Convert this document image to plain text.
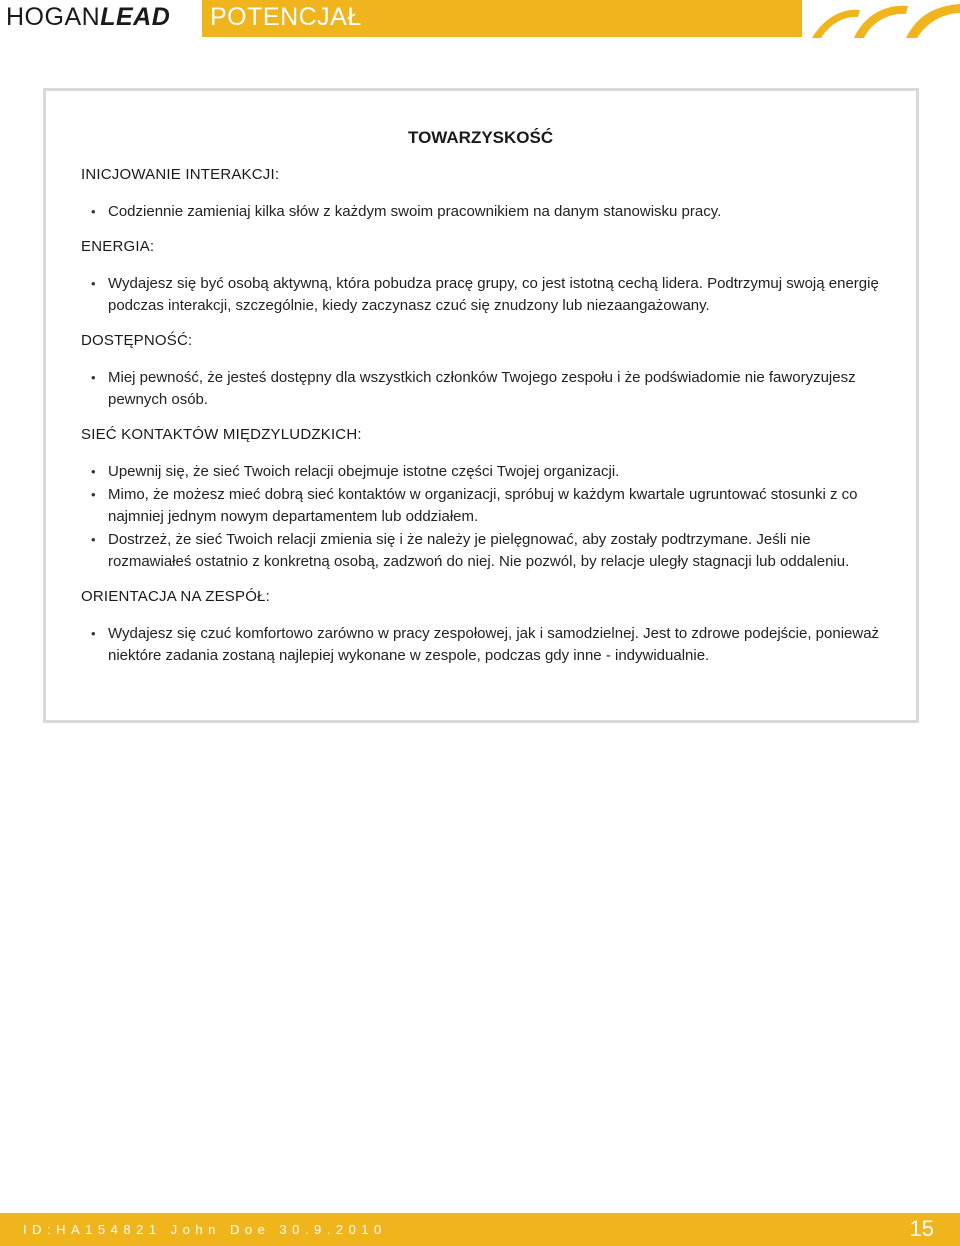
HOGANLEAD POTENCJAŁ
TOWARZYSKOŚĆ
INICJOWANIE INTERAKCJI:
• Codziennie zamieniaj kilka słów z każdym swoim pracownikiem na danym stanowisku pracy.
ENERGIA:
• Wydajesz się być osobą aktywną, która pobudza pracę grupy, co jest istotną cechą lidera. Podtrzymuj swoją energię podczas interakcji, szczególnie, kiedy zaczynasz czuć się znudzony lub niezaangażowany.
DOSTĘPNOŚĆ:
• Miej pewność, że jesteś dostępny dla wszystkich członków Twojego zespołu i że podświadomie nie faworyzujesz pewnych osób.
SIEĆ KONTAKTÓW MIĘDZYLUDZKICH:
• Upewnij się, że sieć Twoich relacji obejmuje istotne części Twojej organizacji.
• Mimo, że możesz mieć dobrą sieć kontaktów w organizacji, spróbuj w każdym kwartale ugruntować stosunki z co najmniej jednym nowym departamentem lub oddziałem.
• Dostrzeż, że sieć Twoich relacji zmienia się i że należy je pielęgnować, aby zostały podtrzymane. Jeśli nie rozmawiałeś ostatnio z konkretną osobą, zadzwoń do niej. Nie pozwól, by relacje uległy stagnacji lub oddaleniu.
ORIENTACJA NA ZESPÓŁ:
• Wydajesz się czuć komfortowo zarówno w pracy zespołowej, jak i samodzielnej. Jest to zdrowe podejście, ponieważ niektóre zadania zostaną najlepiej wykonane w zespole, podczas gdy inne - indywidualnie.
ID:HA154821 John Doe 30.9.2010	15
